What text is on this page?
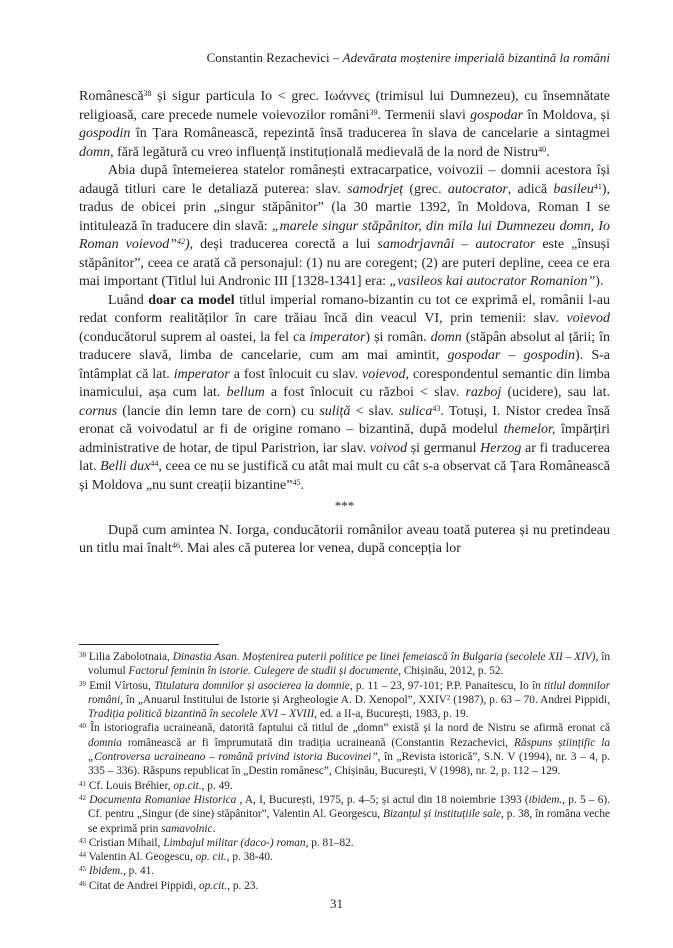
Constantin Rezachevici – Adevărata moștenire imperială bizantină la români

Românescă$^{38}$ și sigur particula Io < grec. Ιωάννες (trimisul lui Dumnezeu), cu însemnătate religioasă, care precede numele voievozilor români$^{39}$. Termenii slavi gospodar în Moldova, și gospodin în Țara Românească, repezintă însă traducerea în slava de cancelarie a sintagmei domn, fără legătură cu vreo influență instituțională medievală de la nord de Nistru$^{40}$.

Abia după întemeierea statelor românești extracarpatice, voivozii – domnii acestora își adaugă titluri care le detaliază puterea: slav. samodrjeț (grec. autocrator, adică basileu$^{41}$), tradus de obicei prin „singur stăpânitor” (la 30 martie 1392, în Moldova, Roman I se intitulează în traducere din slavă: „marele singur stăpânitor, din mila lui Dumnezeu domn, Io Roman voievod”$^{42}$), deși traducerea corectă a lui samodrjavnâi – autocrator este „însuși stăpânitor”, ceea ce arată că personajul: (1) nu are coregent; (2) are puteri depline, ceea ce era mai important (Titlul lui Andronic III [1328-1341] era: „vasileos kai autocrator Romanion”).

Luând doar ca model titlul imperial romano-bizantin cu tot ce exprimă el, românii l-au redat conform realităților în care trăiau încă din veacul VI, prin temenii: slav. voievod (conducătorul suprem al oastei, la fel ca imperator) și român. domn (stăpân absolut al țării; în traducere slavă, limba de cancelarie, cum am mai amintit, gospodar – gospodin). S-a întâmplat că lat. imperator a fost înlocuit cu slav. voievod, corespondentul semantic din limba inamicului, așa cum lat. bellum a fost înlocuit cu război < slav. razboj (ucidere), sau lat. cornus (lancie din lemn tare de corn) cu suliță < slav. sulica$^{43}$. Totuși, I. Nistor credea însă eronat că voivodatul ar fi de origine romano – bizantină, după modelul themelor, împărțiri administrative de hotar, de tipul Paristrion, iar slav. voivod și germanul Herzog ar fi traducerea lat. Belli dux$^{44}$, ceea ce nu se justifică cu atât mai mult cu cât s-a observat că Țara Românească și Moldova „nu sunt creații bizantine”$^{45}$.

***

După cum amintea N. Iorga, conducătorii românilor aveau toată puterea și nu pretindeau un titlu mai înalt$^{46}$. Mai ales că puterea lor venea, după concepția lor

$^{38}$ Lilia Zabolotnaia, Dinastia Asan. Moștenirea puterii politice pe linei femeiască în Bulgaria (secolele XII – XIV), în volumul Factorul feminin în istorie. Culegere de studii și documente, Chișinău, 2012, p. 52.
$^{39}$ Emil Vîrtosu, Titulatura domnilor și asocierea la domnie, p. 11 – 23, 97-101; P.P. Panaitescu, Io în titlul domnilor români, în „Anuarul Institului de Istorie și Argheologie A. D. Xenopol”, XXIV$^2$ (1987), p. 63 – 70. Andrei Pippidi, Tradiția politică bizantină în secolele XVI – XVIII, ed. a II-a, București, 1983, p. 19.
$^{40}$ În istoriografia ucraineană, datorită faptului că titlul de „domn” există și la nord de Nistru se afirmă eronat că domnia românească ar fi împrumutată din tradiția ucraineană (Constantin Rezachevici, Răspuns științific la „Controversa ucraineano – română privind istoria Bucovinei”, în „Revista istorică”, S.N. V (1994), nr. 3 – 4, p. 335 – 336). Răspuns republicat în „Destin românesc”, Chișinău, București, V (1998), nr. 2, p. 112 – 129.
$^{41}$ Cf. Louis Bréhier, op.cit., p. 49.
$^{42}$ Documenta Romaniae Historica , A, I, București, 1975, p. 4–5; și actul din 18 noiembrie 1393 (ibidem., p. 5 – 6). Cf. pentru „Singur (de sine) stăpânitor”, Valentin Al. Georgescu, Bizanțul și instituțiile sale, p. 38, în româna veche se exprimă prin samavolnic.
$^{43}$ Cristian Mihail, Limbajul militar (daco-) roman, p. 81–82.
$^{44}$ Valentin Al. Geogescu, op. cit., p. 38-40.
$^{45}$ Ibidem., p. 41.
$^{46}$ Citat de Andrei Pippidi, op.cit., p. 23.
31
